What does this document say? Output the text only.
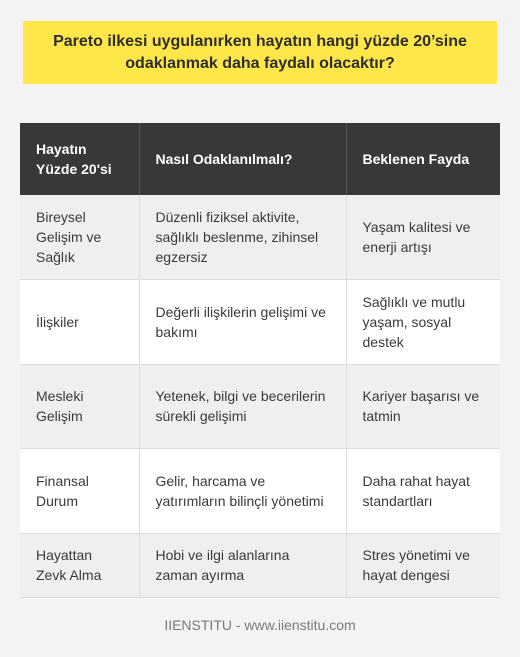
Pareto ilkesi uygulanırken hayatın hangi yüzde 20’sine odaklanmak daha faydalı olacaktır?
Hayatın Yüzde 20'si	Nasıl Odaklanılmalı?	Beklenen Fayda
Bireysel Gelişim ve Sağlık	Düzenli fiziksel aktivite, sağlıklı beslenme, zihinsel egzersiz	Yaşam kalitesi ve enerji artışı
İlişkiler	Değerli ilişkilerin gelişimi ve bakımı	Sağlıklı ve mutlu yaşam, sosyal destek
Mesleki Gelişim	Yetenek, bilgi ve becerilerin sürekli gelişimi	Kariyer başarısı ve tatmin
Finansal Durum	Gelir, harcama ve yatırımların bilinçli yönetimi	Daha rahat hayat standartları
Hayattan Zevk Alma	Hobi ve ilgi alanlarına zaman ayırma	Stres yönetimi ve hayat dengesi
IIENSTITU - www.iienstitu.com
